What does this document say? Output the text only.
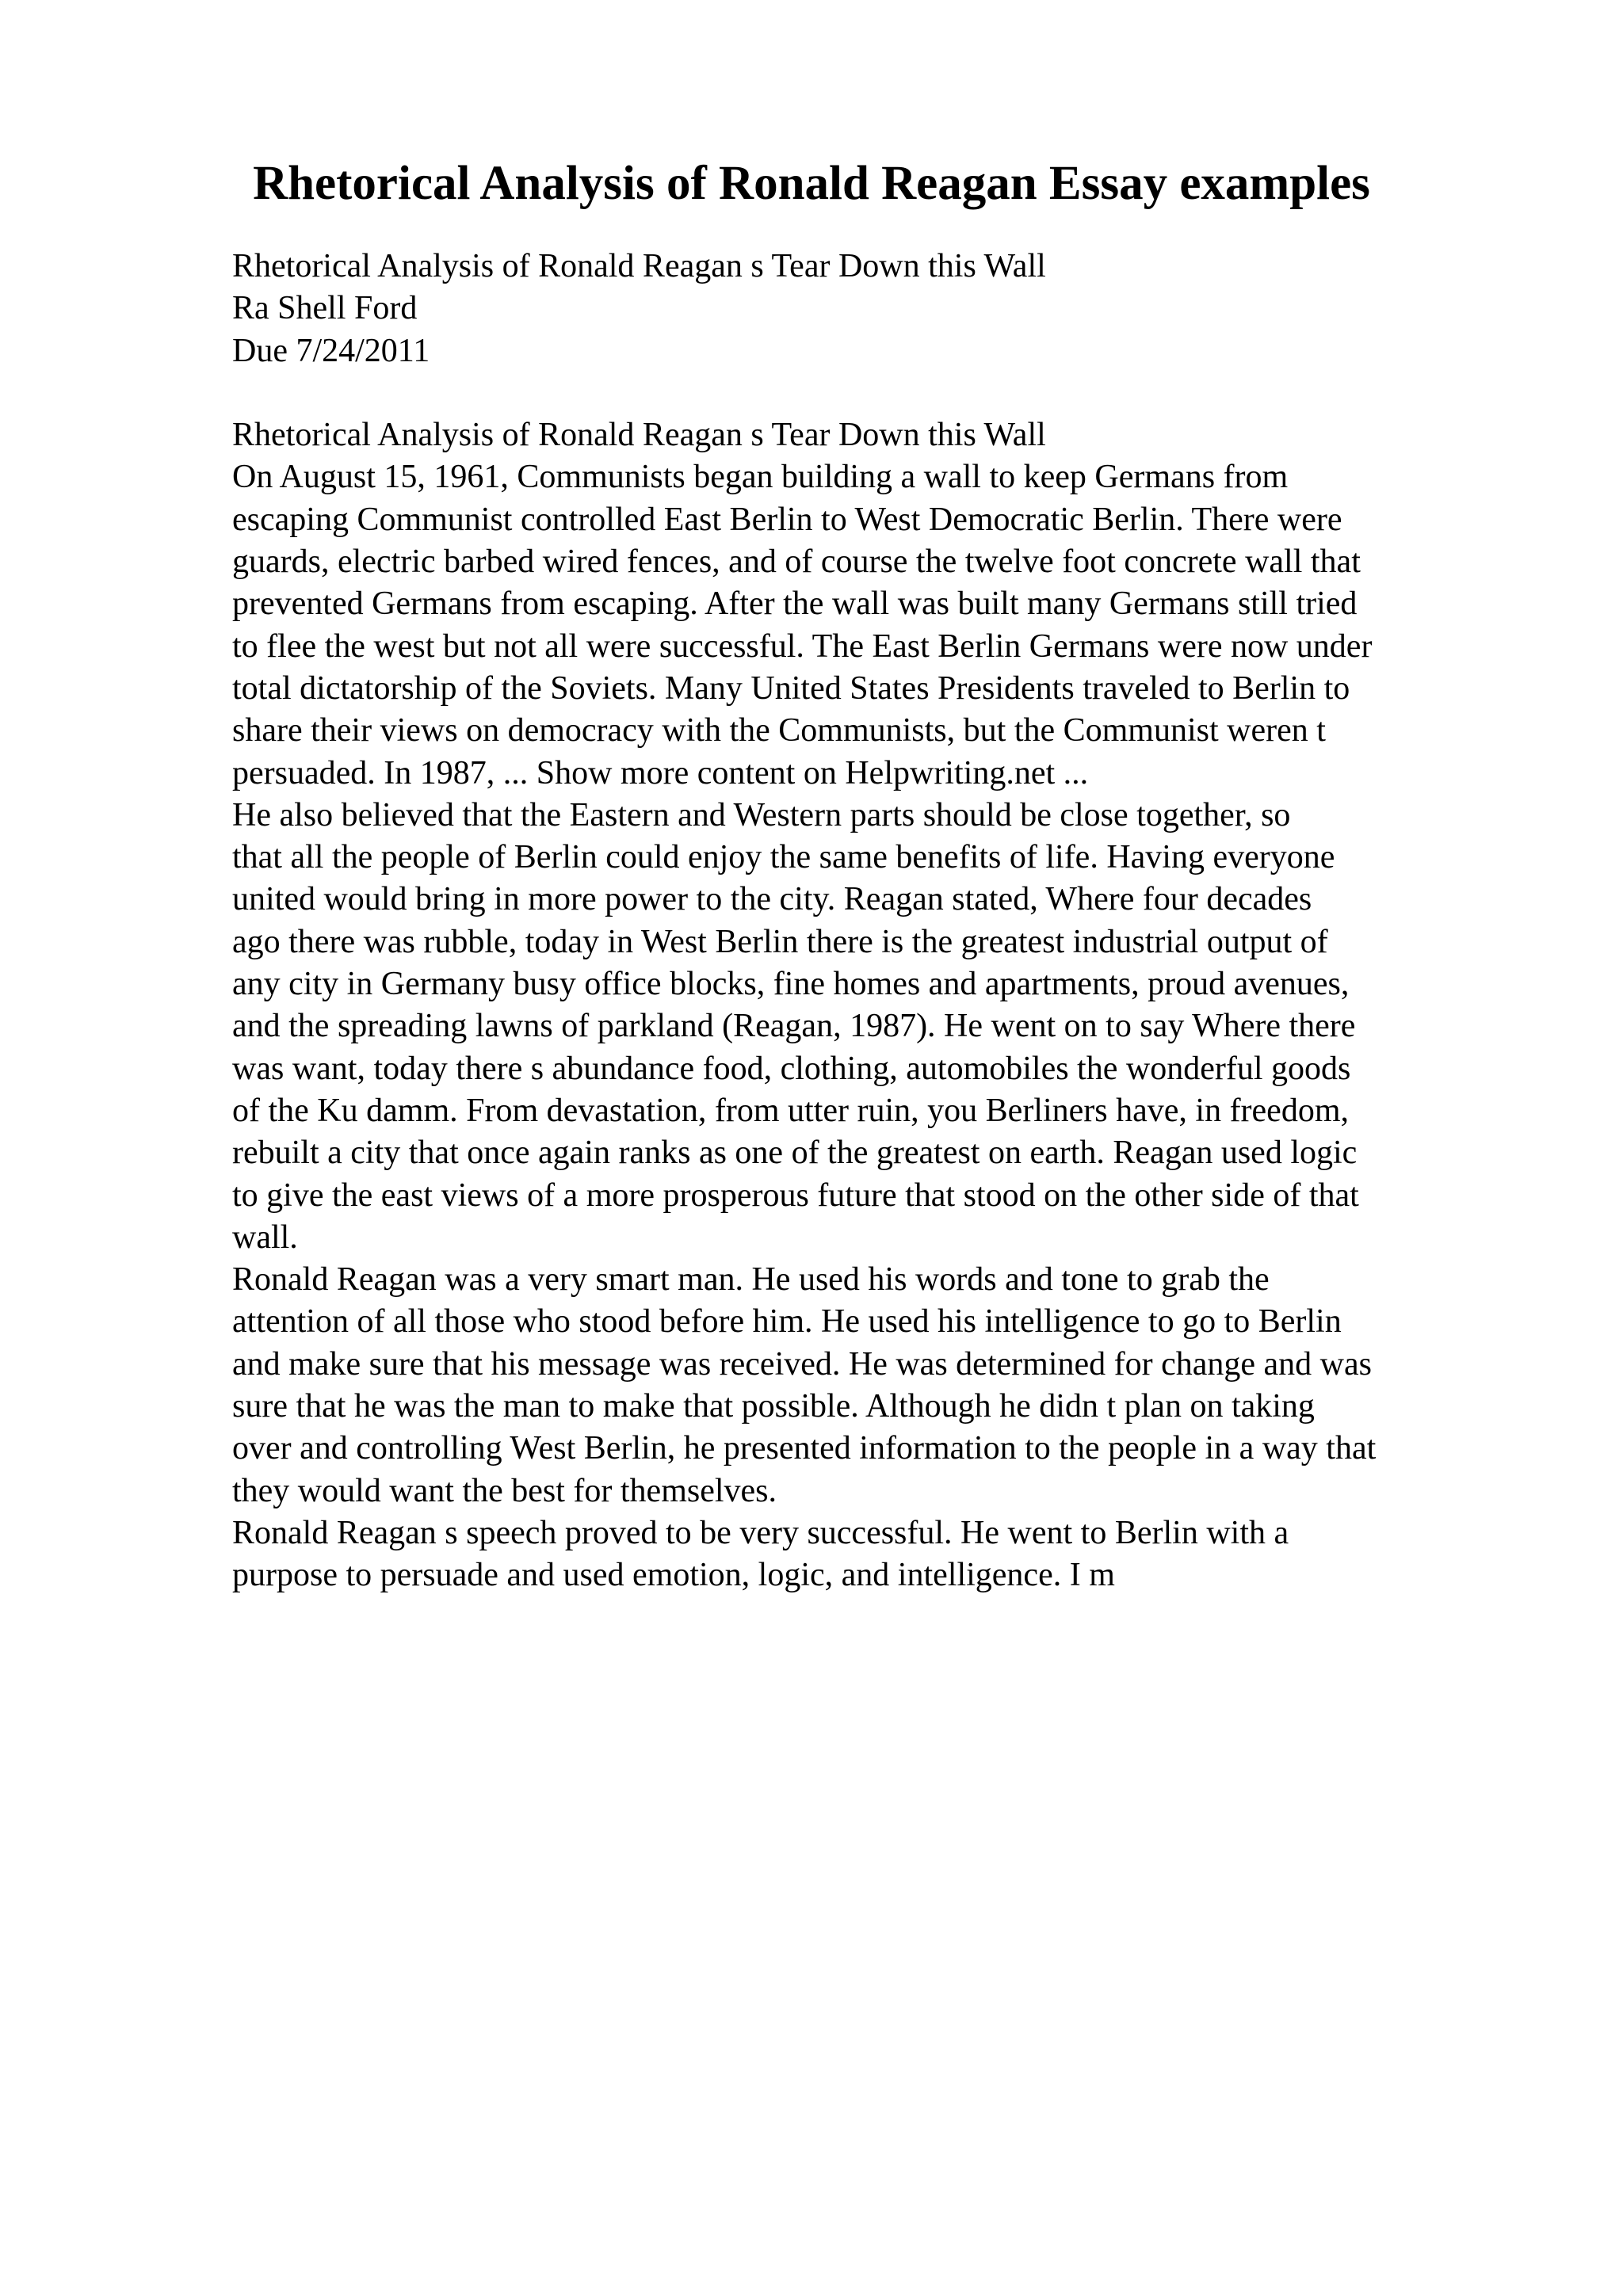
Rhetorical Analysis of Ronald Reagan Essay examples
Rhetorical Analysis of Ronald Reagan s Tear Down this Wall
Ra Shell Ford
Due 7/24/2011
Rhetorical Analysis of Ronald Reagan s Tear Down this Wall
On August 15, 1961, Communists began building a wall to keep Germans from
escaping Communist controlled East Berlin to West Democratic Berlin. There were
guards, electric barbed wired fences, and of course the twelve foot concrete wall that
prevented Germans from escaping. After the wall was built many Germans still tried
to flee the west but not all were successful. The East Berlin Germans were now under
total dictatorship of the Soviets. Many United States Presidents traveled to Berlin to
share their views on democracy with the Communists, but the Communist weren t
persuaded. In 1987, ... Show more content on Helpwriting.net ...
He also believed that the Eastern and Western parts should be close together, so
that all the people of Berlin could enjoy the same benefits of life. Having everyone
united would bring in more power to the city. Reagan stated, Where four decades
ago there was rubble, today in West Berlin there is the greatest industrial output of
any city in Germany busy office blocks, fine homes and apartments, proud avenues,
and the spreading lawns of parkland (Reagan, 1987). He went on to say Where there
was want, today there s abundance food, clothing, automobiles the wonderful goods
of the Ku damm. From devastation, from utter ruin, you Berliners have, in freedom,
rebuilt a city that once again ranks as one of the greatest on earth. Reagan used logic
to give the east views of a more prosperous future that stood on the other side of that
wall.
Ronald Reagan was a very smart man. He used his words and tone to grab the
attention of all those who stood before him. He used his intelligence to go to Berlin
and make sure that his message was received. He was determined for change and was
sure that he was the man to make that possible. Although he didn t plan on taking
over and controlling West Berlin, he presented information to the people in a way that
they would want the best for themselves.
Ronald Reagan s speech proved to be very successful. He went to Berlin with a
purpose to persuade and used emotion, logic, and intelligence. I m
